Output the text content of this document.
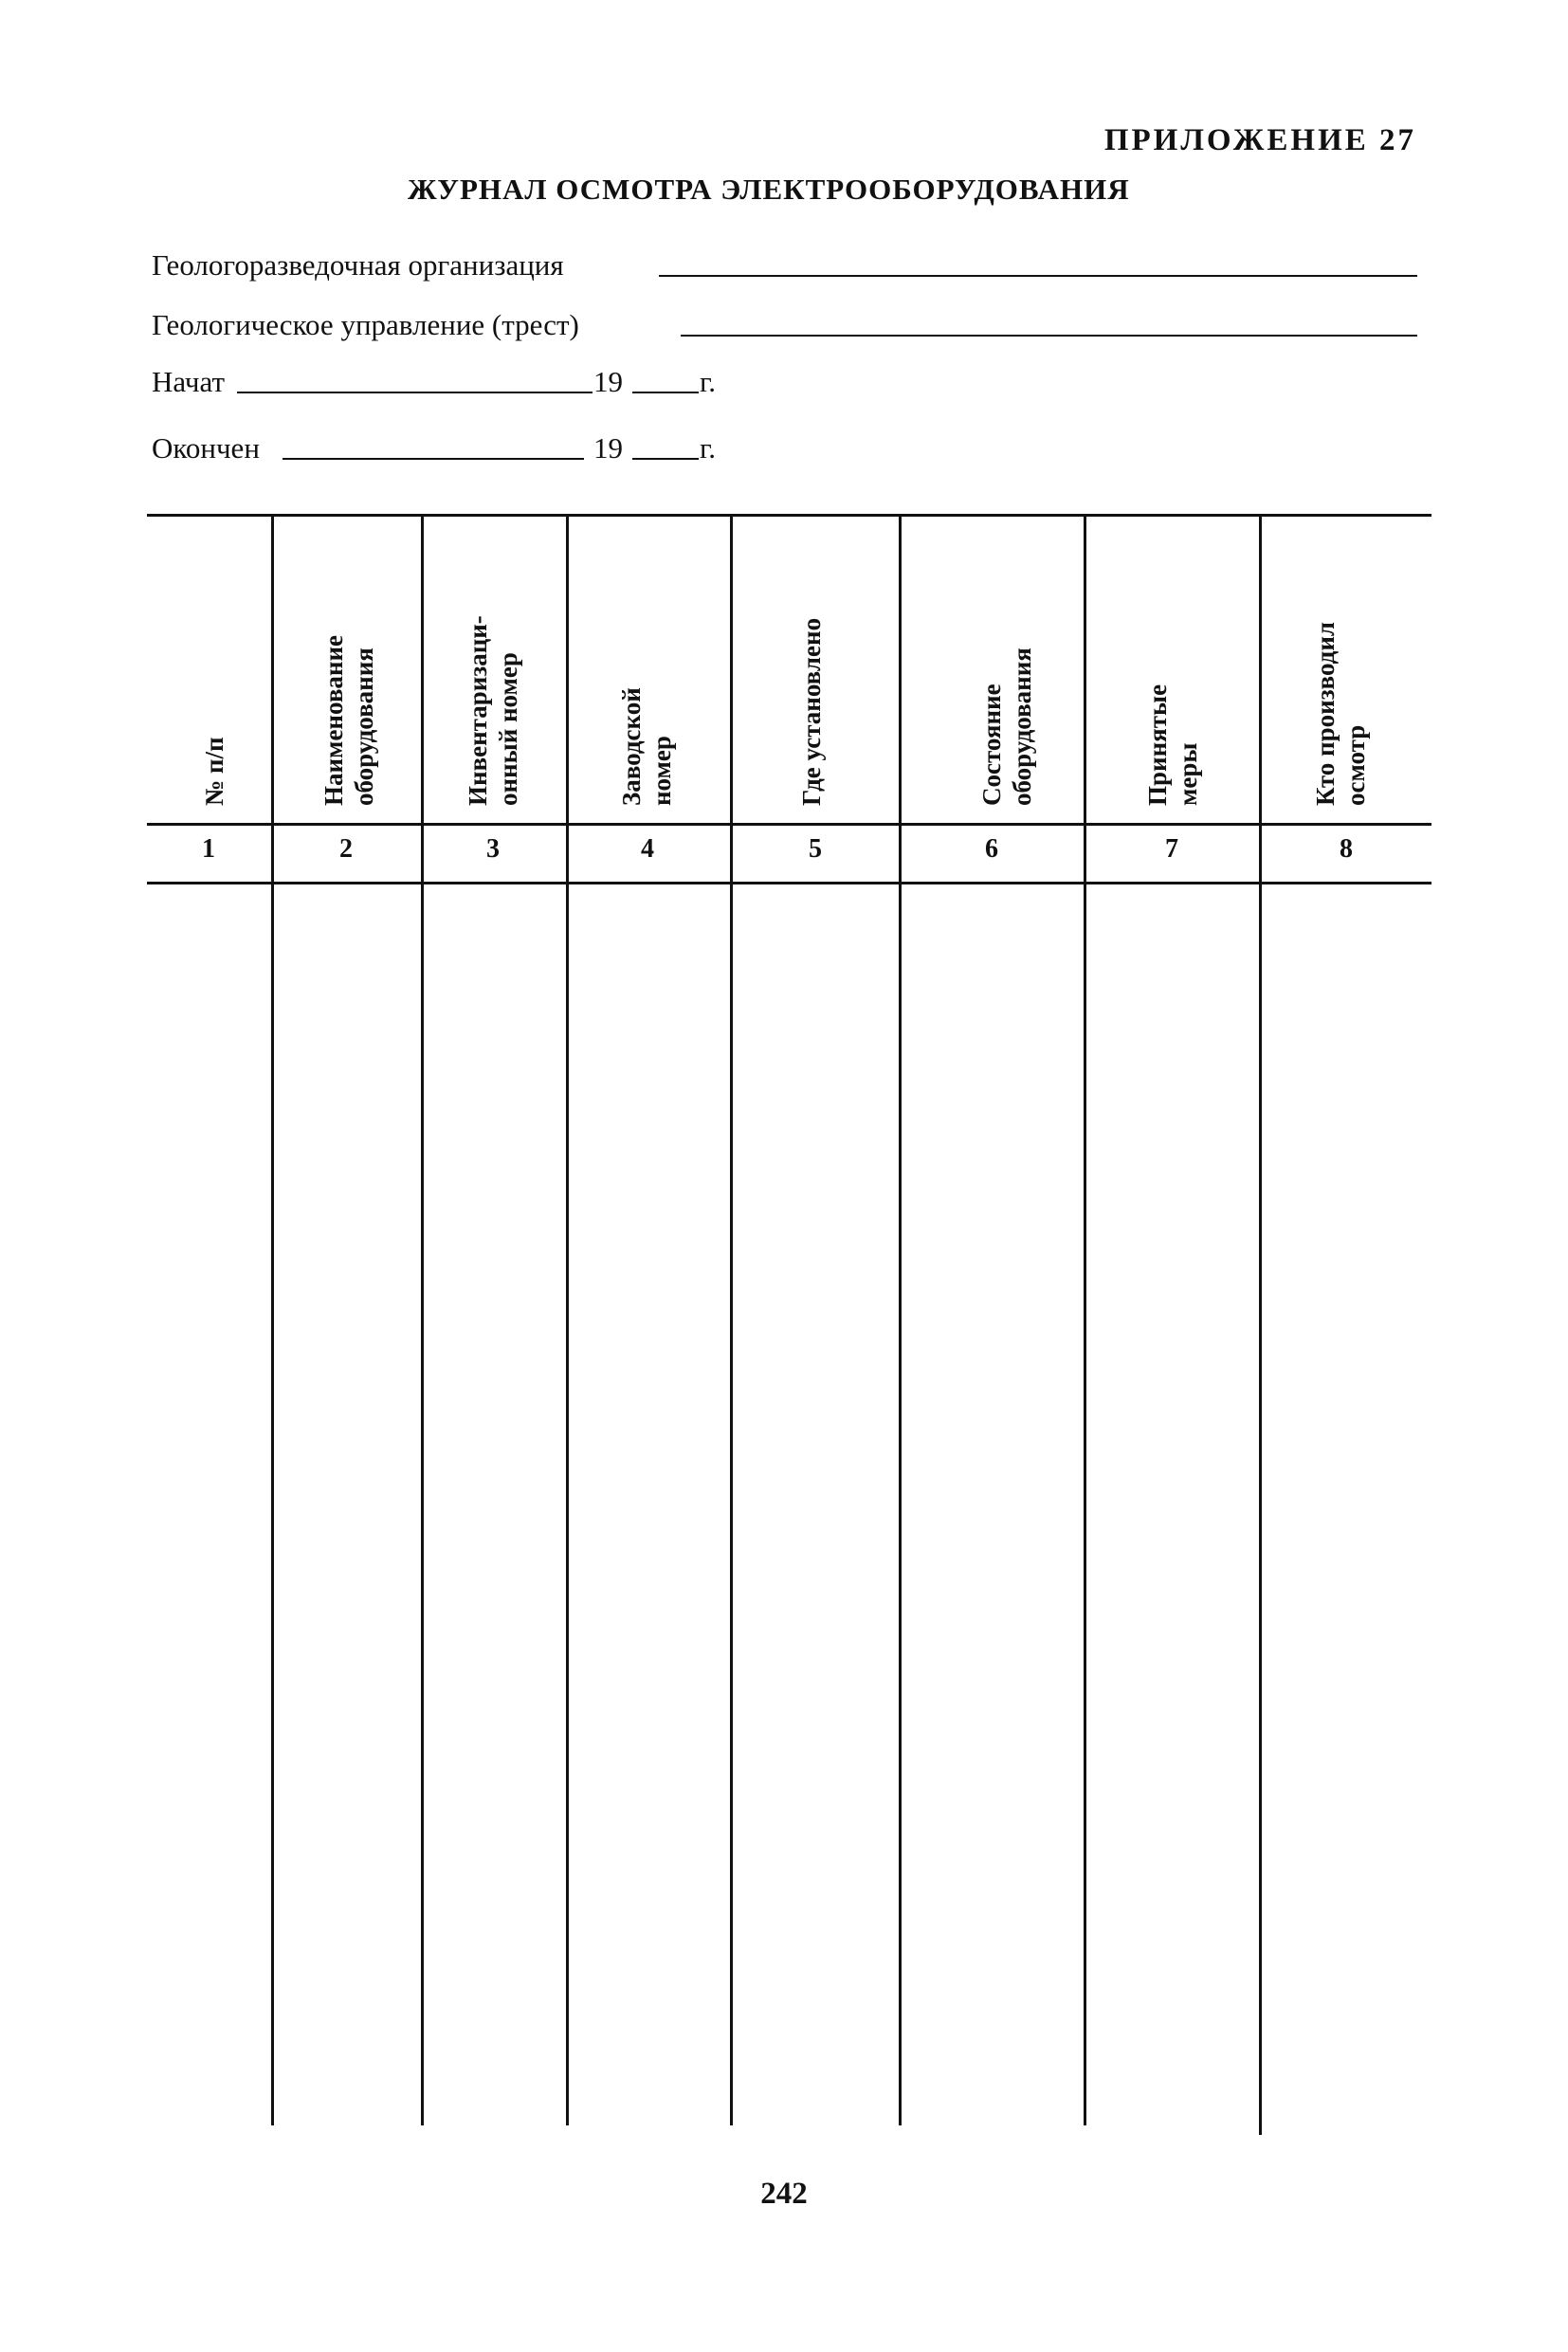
ПРИЛОЖЕНИЕ 27
ЖУРНАЛ ОСМОТРА ЭЛЕКТРООБОРУДОВАНИЯ
Геологоразведочная организация
Геологическое управлениe (трест)
Начат	19	г.
Окончен	19	г.
№ п/п	Наименование оборудования	Инвентаризаци- онный номер	Заводской номер	Где установлено	Состояние оборудования	Принятые меры	Кто производил осмотр
1	2	3	4	5	6	7	8
242
